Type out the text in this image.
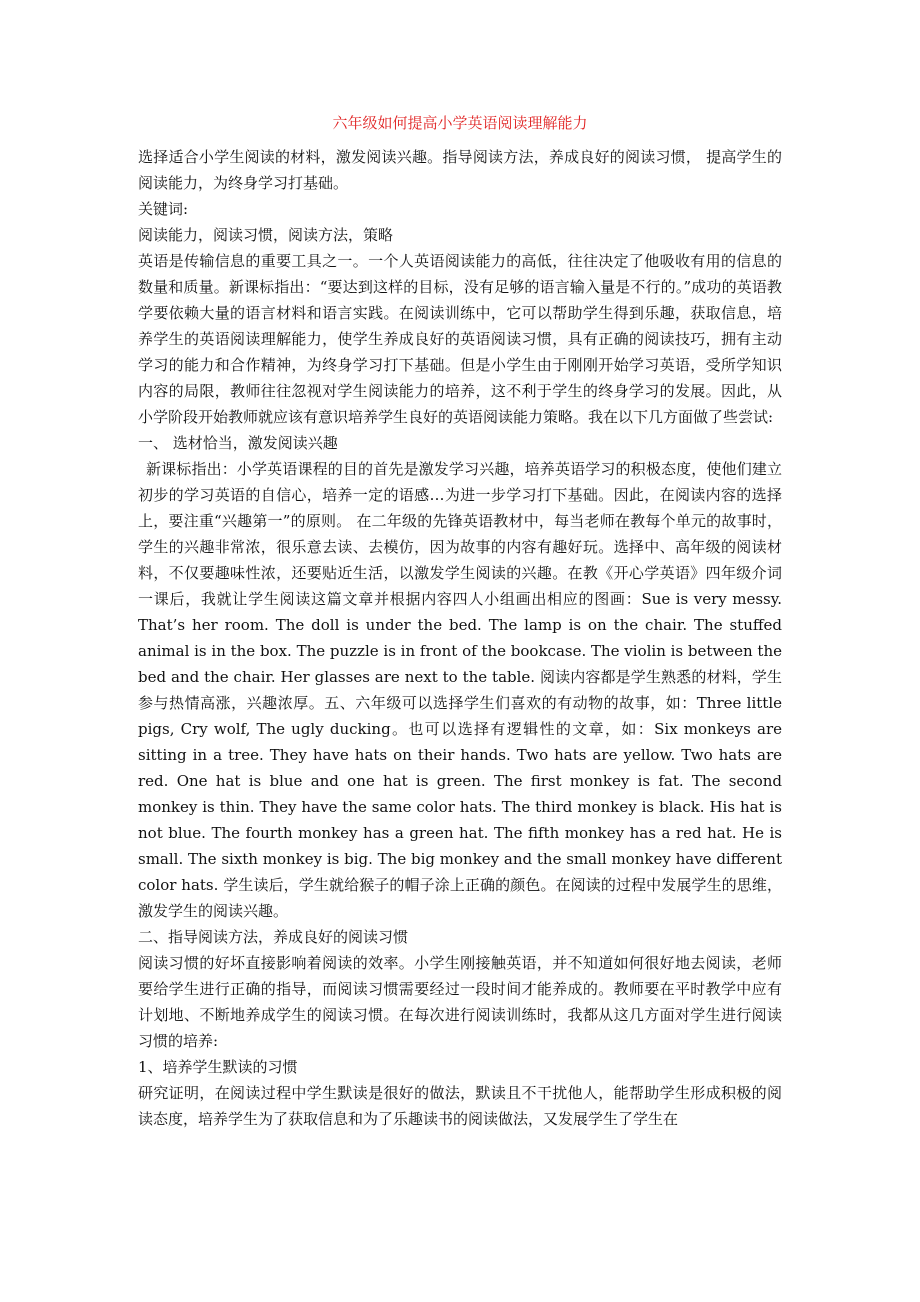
六年级如何提高小学英语阅读理解能力

选择适合小学生阅读的材料，激发阅读兴趣。指导阅读方法，养成良好的阅读习惯， 提高学生的阅读能力，为终身学习打基础。

关键词:

阅读能力，阅读习惯，阅读方法，策略

英语是传输信息的重要工具之一。一个人英语阅读能力的高低，往往决定了他吸收有用的信息的数量和质量。新课标指出：“要达到这样的目标，没有足够的语言输入量是不行的。”成功的英语教学要依赖大量的语言材料和语言实践。在阅读训练中，它可以帮助学生得到乐趣，获取信息，培养学生的英语阅读理解能力，使学生养成良好的英语阅读习惯，具有正确的阅读技巧，拥有主动学习的能力和合作精神，为终身学习打下基础。但是小学生由于刚刚开始学习英语，受所学知识内容的局限，教师往往忽视对学生阅读能力的培养，这不利于学生的终身学习的发展。因此，从小学阶段开始教师就应该有意识培养学生良好的英语阅读能力策略。我在以下几方面做了些尝试:

一、 选材恰当，激发阅读兴趣

新课标指出：小学英语课程的目的首先是激发学习兴趣，培养英语学习的积极态度，使他们建立初步的学习英语的自信心，培养一定的语感…为进一步学习打下基础。因此，在阅读内容的选择上，要注重“兴趣第一”的原则。 在二年级的先锋英语教材中，每当老师在教每个单元的故事时，学生的兴趣非常浓，很乐意去读、去模仿，因为故事的内容有趣好玩。选择中、高年级的阅读材料，不仅要趣味性浓，还要贴近生活，以激发学生阅读的兴趣。在教《开心学英语》四年级介词一课后，我就让学生阅读这篇文章并根据内容四人小组画出相应的图画：Sue is very messy. That’s her room. The doll is under the bed. The lamp is on the chair. The stuffed animal is in the box. The puzzle is in front of the bookcase. The violin is between the bed and the chair. Her glasses are next to the table. 阅读内容都是学生熟悉的材料，学生参与热情高涨，兴趣浓厚。五、六年级可以选择学生们喜欢的有动物的故事，如：Three little pigs, Cry wolf, The ugly ducking。也可以选择有逻辑性的文章，如：Six monkeys are sitting in a tree. They have hats on their hands. Two hats are yellow. Two hats are red. One hat is blue and one hat is green. The first monkey is fat. The second monkey is thin. They have the same color hats. The third monkey is black. His hat is not blue. The fourth monkey has a green hat. The fifth monkey has a red hat. He is small. The sixth monkey is big. The big monkey and the small monkey have different color hats. 学生读后，学生就给猴子的帽子涂上正确的颜色。在阅读的过程中发展学生的思维，激发学生的阅读兴趣。

二、指导阅读方法，养成良好的阅读习惯

阅读习惯的好坏直接影响着阅读的效率。小学生刚接触英语，并不知道如何很好地去阅读，老师要给学生进行正确的指导，而阅读习惯需要经过一段时间才能养成的。教师要在平时教学中应有计划地、不断地养成学生的阅读习惯。在每次进行阅读训练时，我都从这几方面对学生进行阅读习惯的培养:

1、培养学生默读的习惯

研究证明，在阅读过程中学生默读是很好的做法，默读且不干扰他人，能帮助学生形成积极的阅读态度，培养学生为了获取信息和为了乐趣读书的阅读做法，又发展学生了学生在
